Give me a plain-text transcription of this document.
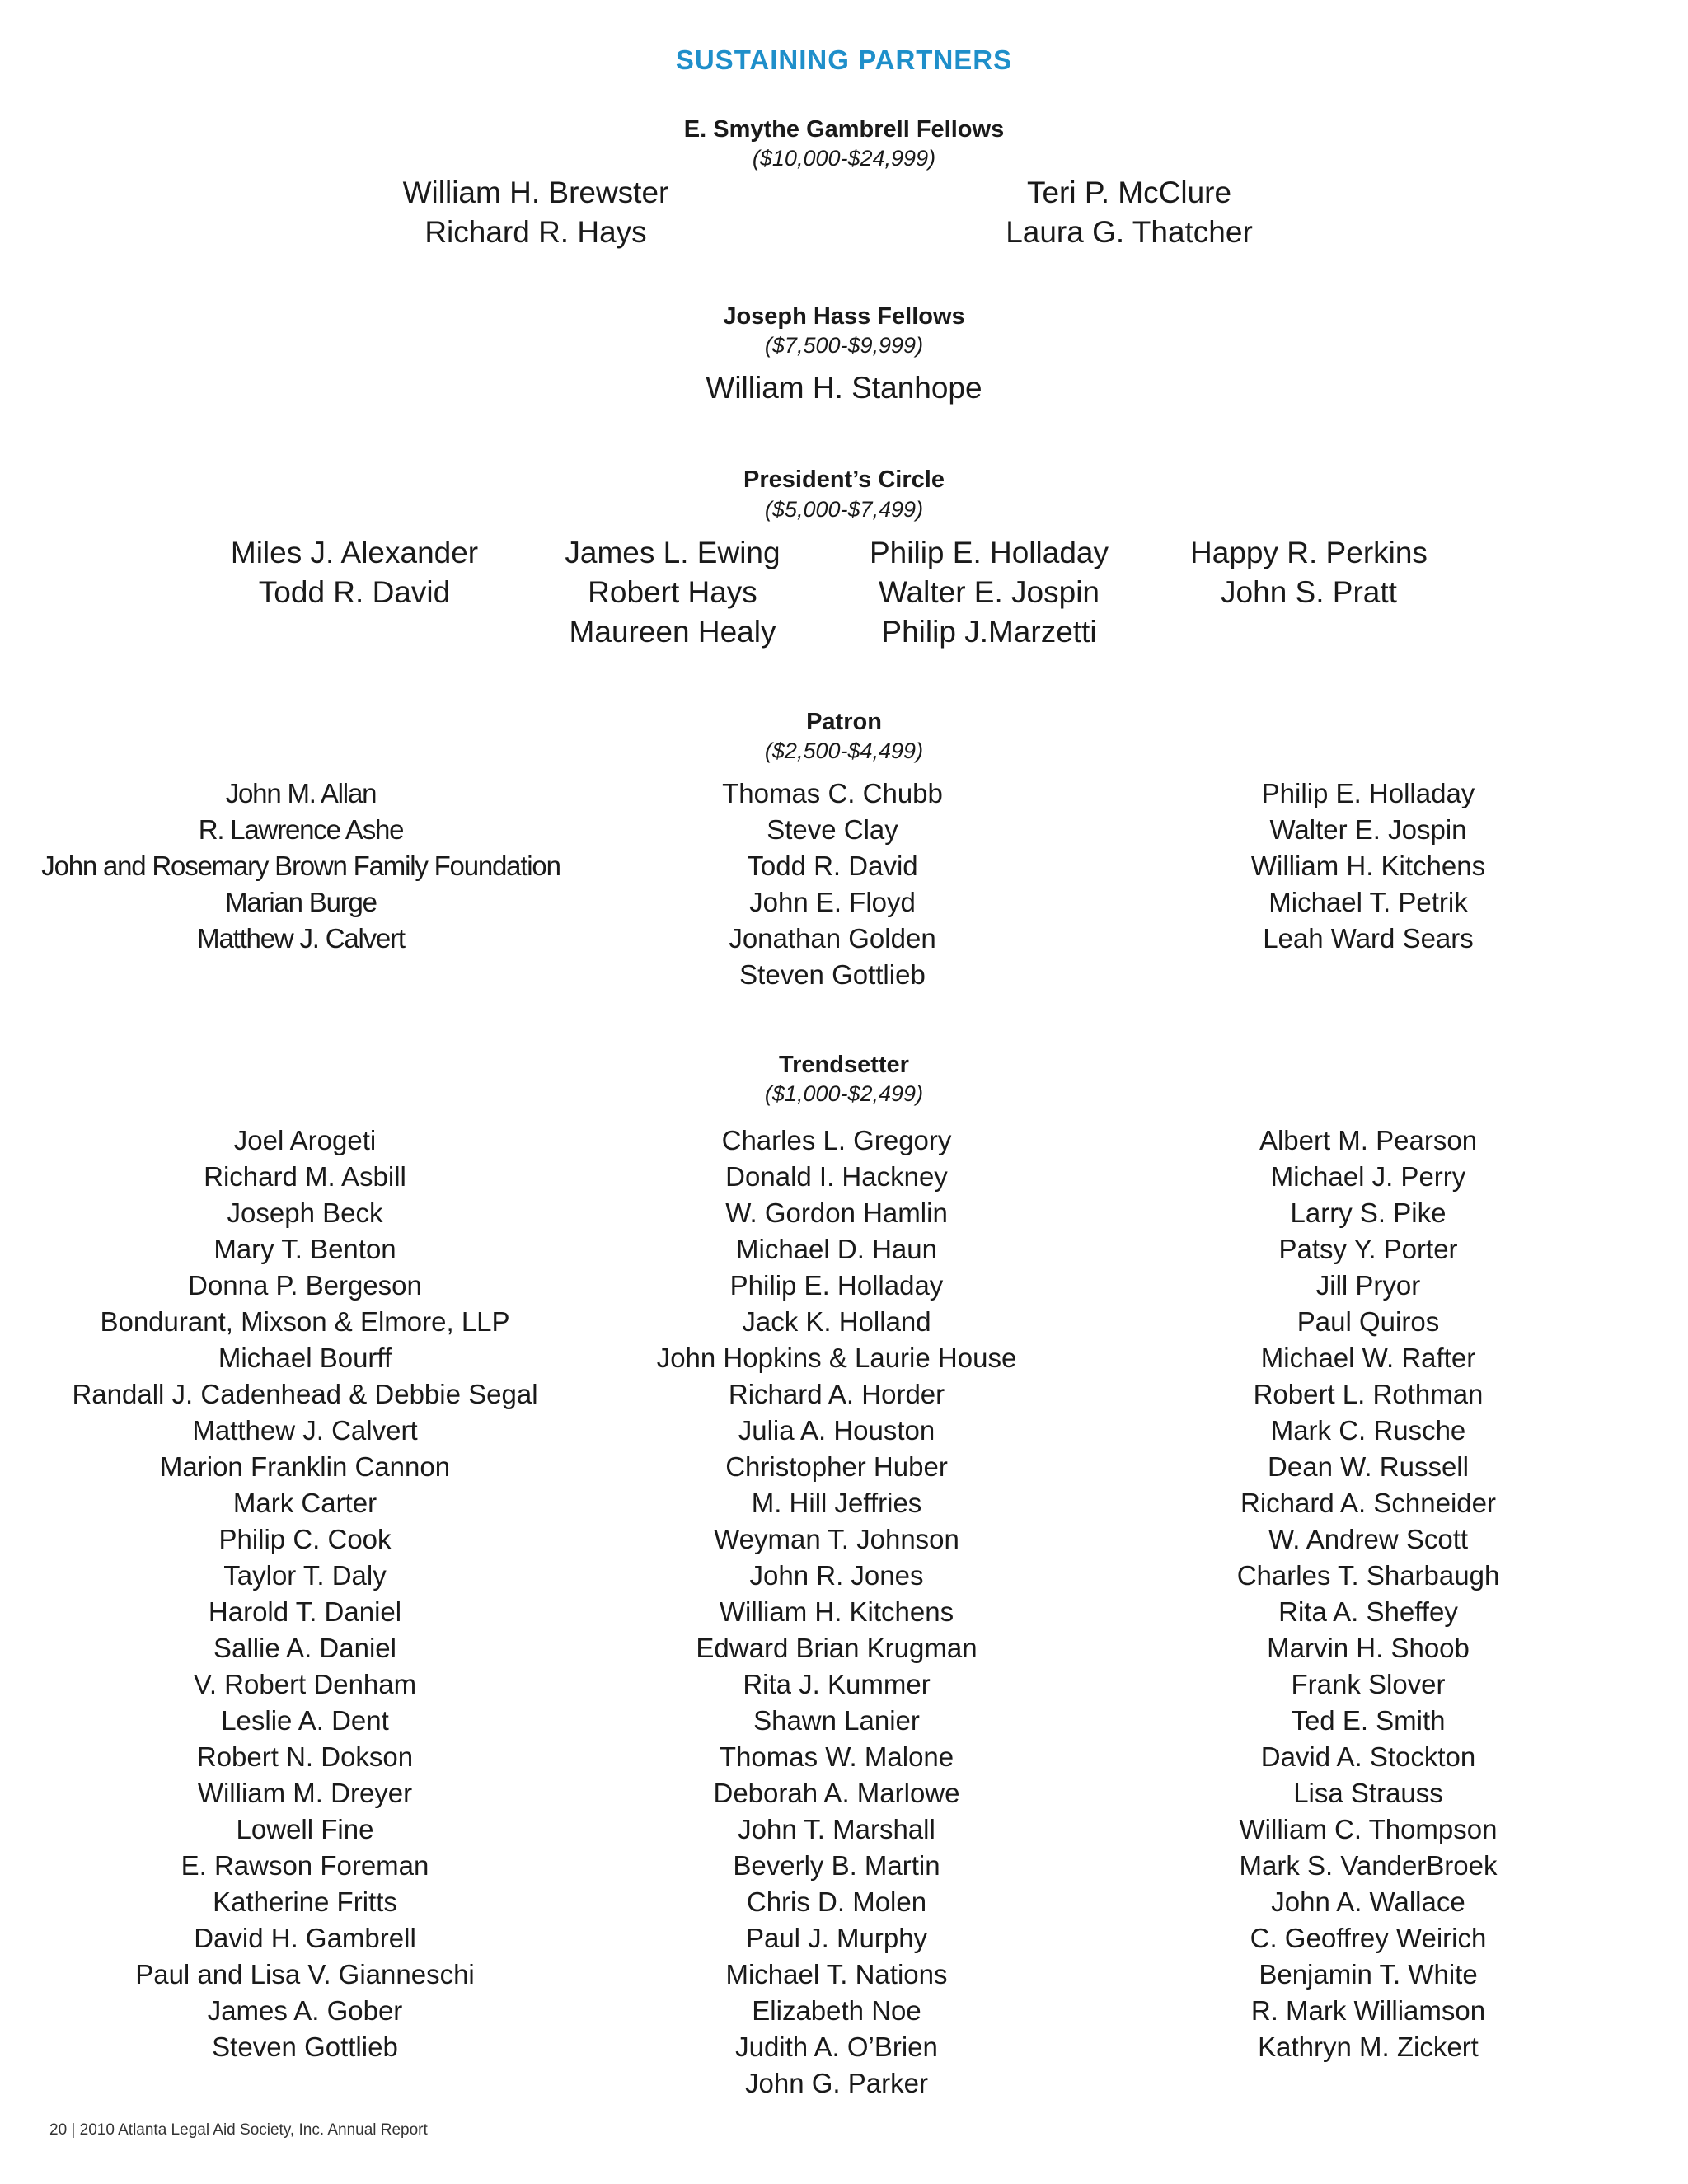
SUSTAINING PARTNERS
E. Smythe Gambrell Fellows
($10,000-$24,999)
William H. Brewster
Richard R. Hays
Teri P. McClure
Laura G. Thatcher
Joseph Hass Fellows
($7,500-$9,999)
William H. Stanhope
President’s Circle
($5,000-$7,499)
Miles J. Alexander
Todd R. David
James L. Ewing
Robert Hays
Maureen Healy
Philip E. Holladay
Walter E. Jospin
Philip J.Marzetti
Happy R. Perkins
John S. Pratt
Patron
($2,500-$4,499)
John M. Allan
R. Lawrence Ashe
John and Rosemary Brown Family Foundation
Marian Burge
Matthew J. Calvert
Thomas C. Chubb
Steve Clay
Todd R. David
John E. Floyd
Jonathan Golden
Steven Gottlieb
Philip E. Holladay
Walter E. Jospin
William H. Kitchens
Michael T. Petrik
Leah Ward Sears
Trendsetter
($1,000-$2,499)
Joel Arogeti
Richard M. Asbill
Joseph Beck
Mary T. Benton
Donna P. Bergeson
Bondurant, Mixson & Elmore, LLP
Michael Bourff
Randall J. Cadenhead & Debbie Segal
Matthew J. Calvert
Marion Franklin Cannon
Mark Carter
Philip C. Cook
Taylor T. Daly
Harold T. Daniel
Sallie A. Daniel
V. Robert Denham
Leslie A. Dent
Robert N. Dokson
William M. Dreyer
Lowell Fine
E. Rawson Foreman
Katherine Fritts
David H. Gambrell
Paul and Lisa V. Gianneschi
James A. Gober
Steven Gottlieb
Charles L. Gregory
Donald I. Hackney
W. Gordon Hamlin
Michael D. Haun
Philip E. Holladay
Jack K. Holland
John Hopkins & Laurie House
Richard A. Horder
Julia A. Houston
Christopher Huber
M. Hill Jeffries
Weyman T. Johnson
John R. Jones
William H. Kitchens
Edward Brian Krugman
Rita J. Kummer
Shawn Lanier
Thomas W. Malone
Deborah A. Marlowe
John T. Marshall
Beverly B. Martin
Chris D. Molen
Paul J. Murphy
Michael T. Nations
Elizabeth Noe
Judith A. O’Brien
John G. Parker
Albert M. Pearson
Michael J. Perry
Larry S. Pike
Patsy Y. Porter
Jill Pryor
Paul Quiros
Michael W. Rafter
Robert L. Rothman
Mark C. Rusche
Dean W. Russell
Richard A. Schneider
W. Andrew Scott
Charles T. Sharbaugh
Rita A. Sheffey
Marvin H. Shoob
Frank Slover
Ted E. Smith
David A. Stockton
Lisa Strauss
William C. Thompson
Mark S. VanderBroek
John A. Wallace
C. Geoffrey Weirich
Benjamin T. White
R. Mark Williamson
Kathryn M. Zickert
20 | 2010 Atlanta Legal Aid Society, Inc. Annual Report
